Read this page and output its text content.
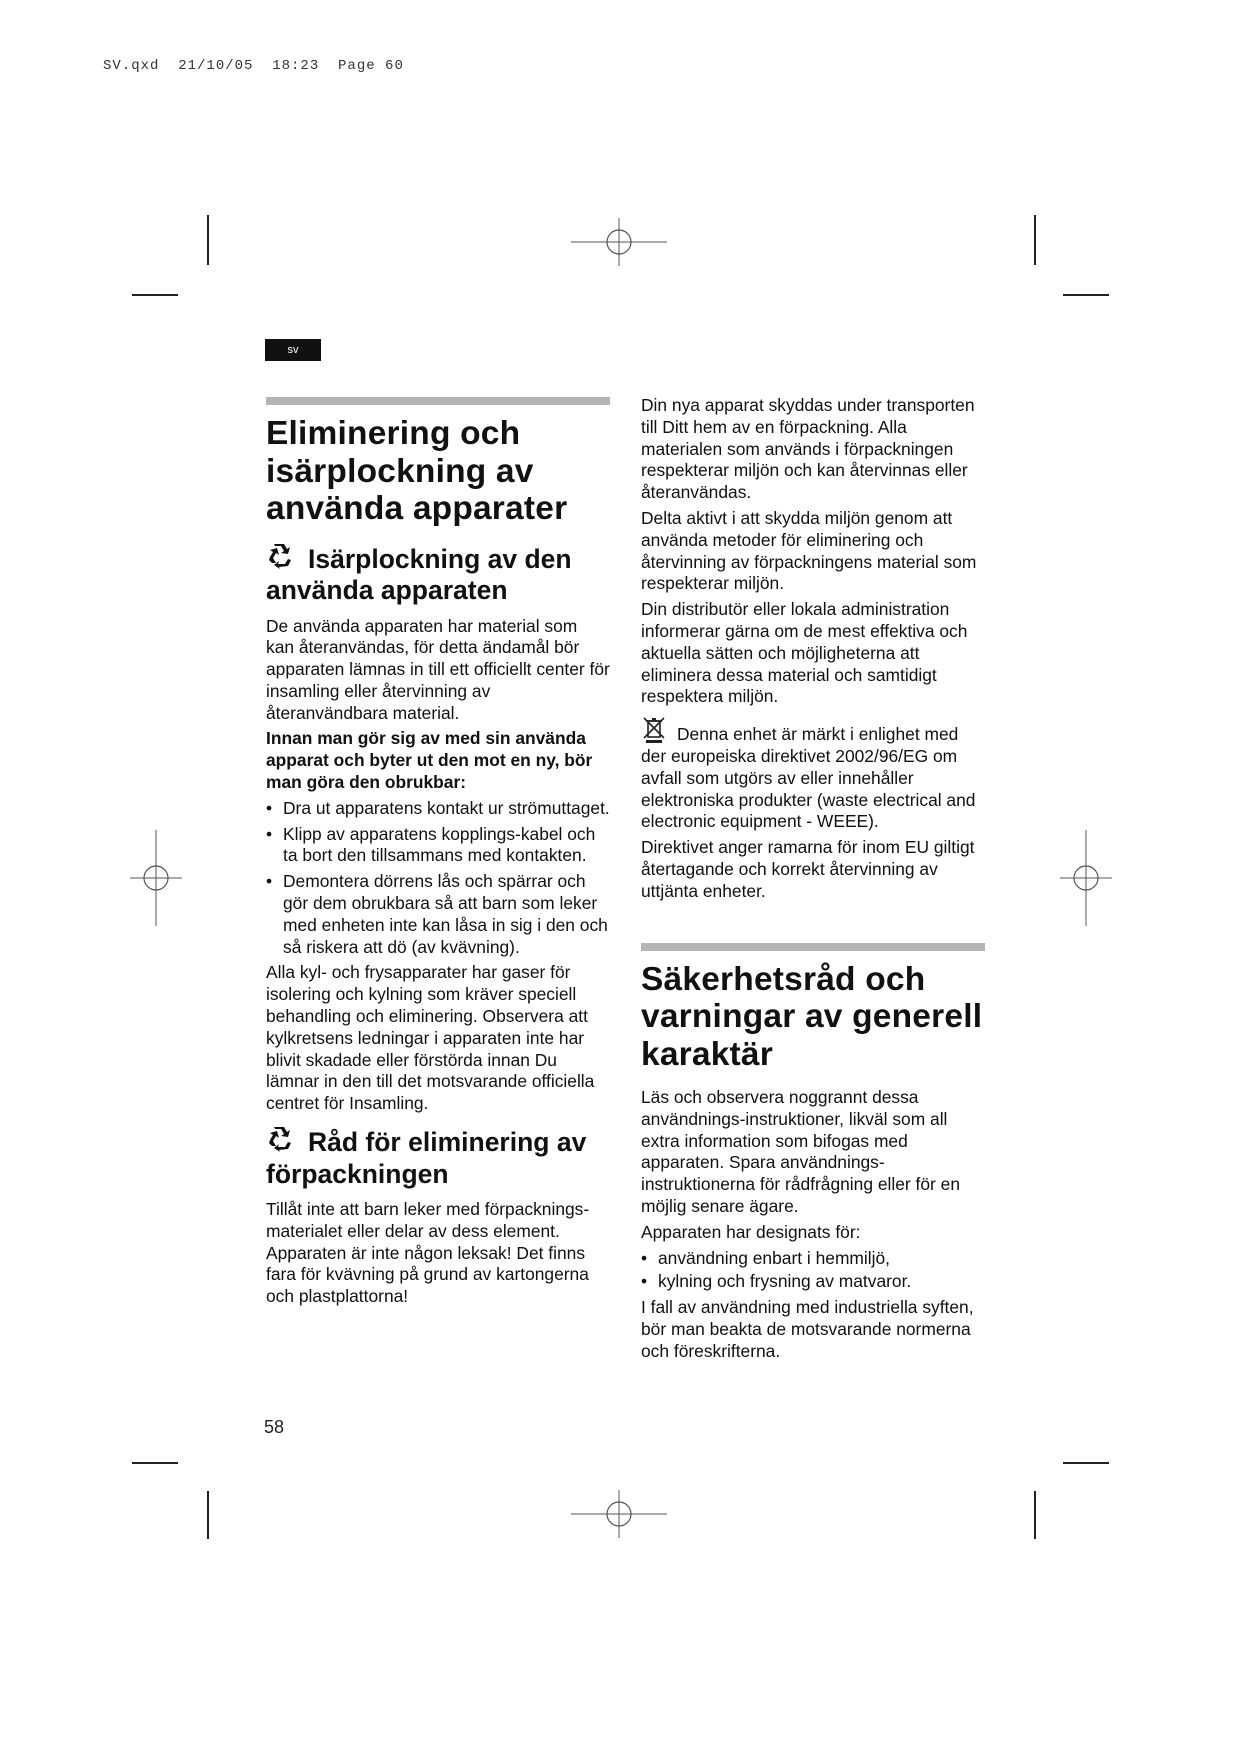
SV.qxd  21/10/05  18:23  Page 60
sv
Eliminering och isärplockning av använda apparater
Isärplockning av den använda apparaten

De använda apparaten har material som kan återanvändas, för detta ändamål bör apparaten lämnas in till ett officiellt center för insamling eller återvinning av återanvändbara material.

Innan man gör sig av med sin använda apparat och byter ut den mot en ny, bör man göra den obrukbar:

• Dra ut apparatens kontakt ur strömuttaget.
• Klipp av apparatens kopplings-kabel och ta bort den tillsammans med kontakten.
• Demontera dörrens lås och spärrar och gör dem obrukbara så att barn som leker med enheten inte kan låsa in sig i den och så riskera att dö (av kvävning).

Alla kyl- och frysapparater har gaser för isolering och kylning som kräver speciell behandling och eliminering. Observera att kylkretsens ledningar i apparaten inte har blivit skadade eller förstörda innan Du lämnar in den till det motsvarande officiella centret för Insamling.

Råd för eliminering av förpackningen

Tillåt inte att barn leker med förpacknings-materialet eller delar av dess element. Apparaten är inte någon leksak! Det finns fara för kvävning på grund av kartongerna och plastplattorna!

Din nya apparat skyddas under transporten till Ditt hem av en förpackning. Alla materialen som används i förpackningen respekterar miljön och kan återvinnas eller återanvändas.

Delta aktivt i att skydda miljön genom att använda metoder för eliminering och återvinning av förpackningens material som respekterar miljön.

Din distributör eller lokala administration informerar gärna om de mest effektiva och aktuella sätten och möjligheterna att eliminera dessa material och samtidigt respektera miljön.

Denna enhet är märkt i enlighet med der europeiska direktivet 2002/96/EG om avfall som utgörs av eller innehåller elektroniska produkter (waste electrical and electronic equipment - WEEE).

Direktivet anger ramarna för inom EU giltigt återtagande och korrekt återvinning av uttjänta enheter.

Säkerhetsråd och varningar av generell karaktär

Läs och observera noggrannt dessa användnings-instruktioner, likväl som all extra information som bifogas med apparaten. Spara användnings-instruktionerna för rådfrågning eller för en möjlig senare ägare.

Apparaten har designats för:

• användning enbart i hemmiljö,
• kylning och frysning av matvaror.

I fall av användning med industriella syften, bör man beakta de motsvarande normerna och föreskrifterna.

58
